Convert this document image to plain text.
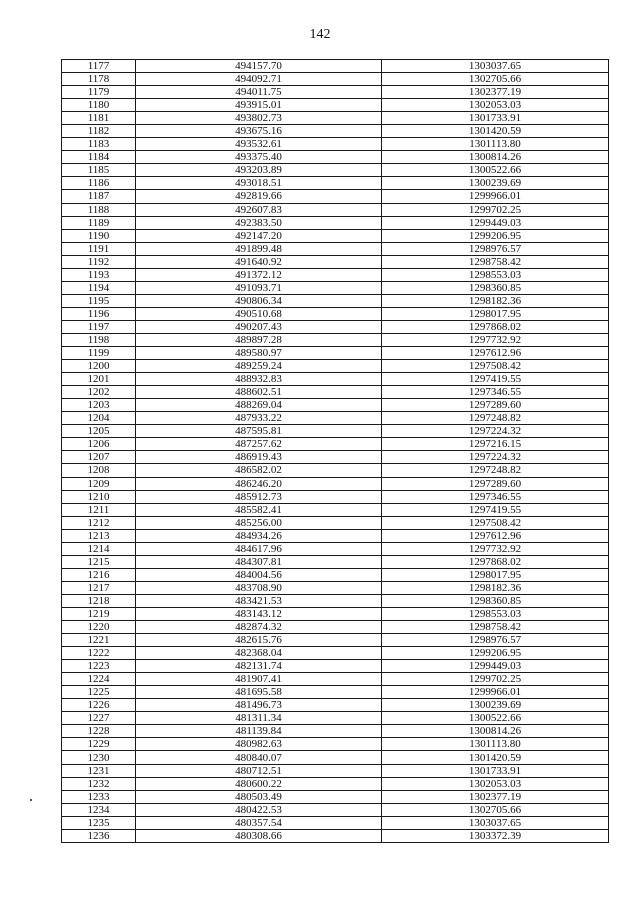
142
1177	494157.70	1303037.65
1178	494092.71	1302705.66
1179	494011.75	1302377.19
1180	493915.01	1302053.03
1181	493802.73	1301733.91
1182	493675.16	1301420.59
1183	493532.61	1301113.80
1184	493375.40	1300814.26
1185	493203.89	1300522.66
1186	493018.51	1300239.69
1187	492819.66	1299966.01
1188	492607.83	1299702.25
1189	492383.50	1299449.03
1190	492147.20	1299206.95
1191	491899.48	1298976.57
1192	491640.92	1298758.42
1193	491372.12	1298553.03
1194	491093.71	1298360.85
1195	490806.34	1298182.36
1196	490510.68	1298017.95
1197	490207.43	1297868.02
1198	489897.28	1297732.92
1199	489580.97	1297612.96
1200	489259.24	1297508.42
1201	488932.83	1297419.55
1202	488602.51	1297346.55
1203	488269.04	1297289.60
1204	487933.22	1297248.82
1205	487595.81	1297224.32
1206	487257.62	1297216.15
1207	486919.43	1297224.32
1208	486582.02	1297248.82
1209	486246.20	1297289.60
1210	485912.73	1297346.55
1211	485582.41	1297419.55
1212	485256.00	1297508.42
1213	484934.26	1297612.96
1214	484617.96	1297732.92
1215	484307.81	1297868.02
1216	484004.56	1298017.95
1217	483708.90	1298182.36
1218	483421.53	1298360.85
1219	483143.12	1298553.03
1220	482874.32	1298758.42
1221	482615.76	1298976.57
1222	482368.04	1299206.95
1223	482131.74	1299449.03
1224	481907.41	1299702.25
1225	481695.58	1299966.01
1226	481496.73	1300239.69
1227	481311.34	1300522.66
1228	481139.84	1300814.26
1229	480982.63	1301113.80
1230	480840.07	1301420.59
1231	480712.51	1301733.91
1232	480600.22	1302053.03
1233	480503.49	1302377.19
1234	480422.53	1302705.66
1235	480357.54	1303037.65
1236	480308.66	1303372.39
